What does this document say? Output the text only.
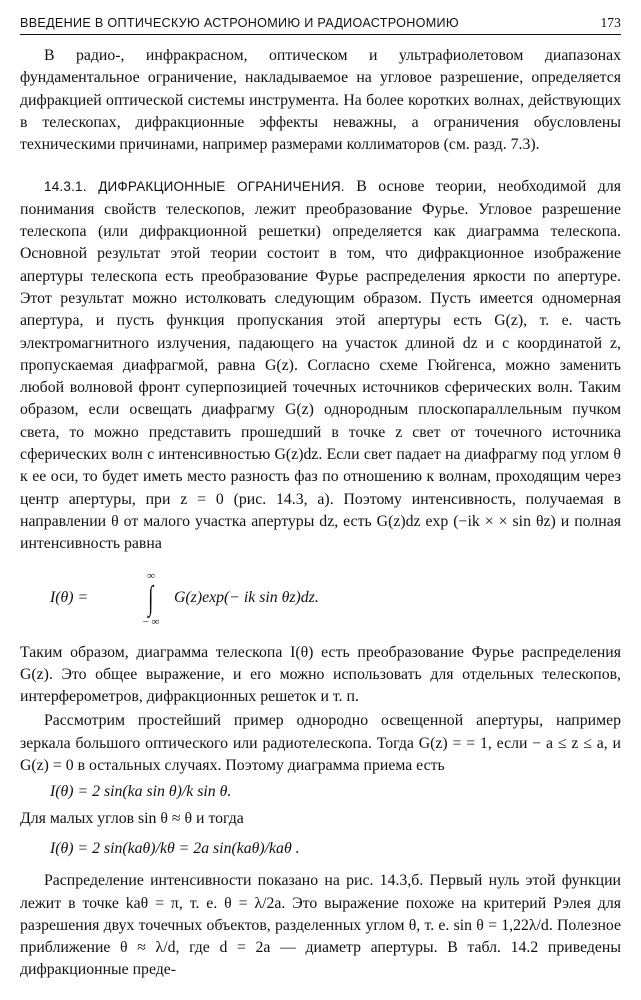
ВВЕДЕНИЕ В ОПТИЧЕСКУЮ АСТРОНОМИЮ И РАДИОАСТРОНОМИЮ	173

В радио-, инфракрасном, оптическом и ультрафиолетовом диапазонах фундаментальное ограничение, накладываемое на угловое разрешение, определяется дифракцией оптической системы инструмента. На более коротких волнах, действующих в телескопах, дифракционные эффекты неважны, а ограничения обусловлены техническими причинами, например размерами коллиматоров (см. разд. 7.3).

14.3.1. ДИФРАКЦИОННЫЕ ОГРАНИЧЕНИЯ. В основе теории, необходимой для понимания свойств телескопов, лежит преобразование Фурье. Угловое разрешение телескопа (или дифракционной решетки) определяется как диаграмма телескопа. Основной результат этой теории состоит в том, что дифракционное изображение апертуры телескопа есть преобразование Фурье распределения яркости по апертуре. Этот результат можно истолковать следующим образом. Пусть имеется одномерная апертура, и пусть функция пропускания этой апертуры есть G(z), т. е. часть электромагнитного излучения, падающего на участок длиной dz и с координатой z, пропускаемая диафрагмой, равна G(z). Согласно схеме Гюйгенса, можно заменить любой волновой фронт суперпозицией точечных источников сферических волн. Таким образом, если освещать диафрагму G(z) однородным плоскопараллельным пучком света, то можно представить прошедший в точке z свет от точечного источника сферических волн с интенсивностью G(z)dz. Если свет падает на диафрагму под углом θ к ее оси, то будет иметь место разность фаз по отношению к волнам, проходящим через центр апертуры, при z = 0 (рис. 14.3, a). Поэтому интенсивность, получаемая в направлении θ от малого участка апертуры dz, есть G(z)dz exp (−ik × × sin θz) и полная интенсивность равна

I(θ) =
∞
∫
− ∞
G(z)exp(− ik sin θz)dz.

Таким образом, диаграмма телескопа I(θ) есть преобразование Фурье распределения G(z). Это общее выражение, и его можно использовать для отдельных телескопов, интерферометров, дифракционных решеток и т. п.

Рассмотрим простейший пример однородно освещенной апертуры, например зеркала большого оптического или радиотелескопа. Тогда G(z) = = 1, если − a ≤ z ≤ a, и G(z) = 0 в остальных случаях. Поэтому диаграмма приема есть

I(θ) = 2 sin(ka sin θ)/k sin θ.

Для малых углов sin θ ≈ θ и тогда

I(θ) = 2 sin(kaθ)/kθ = 2a sin(kaθ)/kaθ .

Распределение интенсивности показано на рис. 14.3,б. Первый нуль этой функции лежит в точке kaθ = π, т. е. θ = λ/2a. Это выражение похоже на критерий Рэлея для разрешения двух точечных объектов, разделенных углом θ, т. е. sin θ = 1,22λ/d. Полезное приближение θ ≈ λ/d, где d = 2a — диаметр апертуры. В табл. 14.2 приведены дифракционные преде-
